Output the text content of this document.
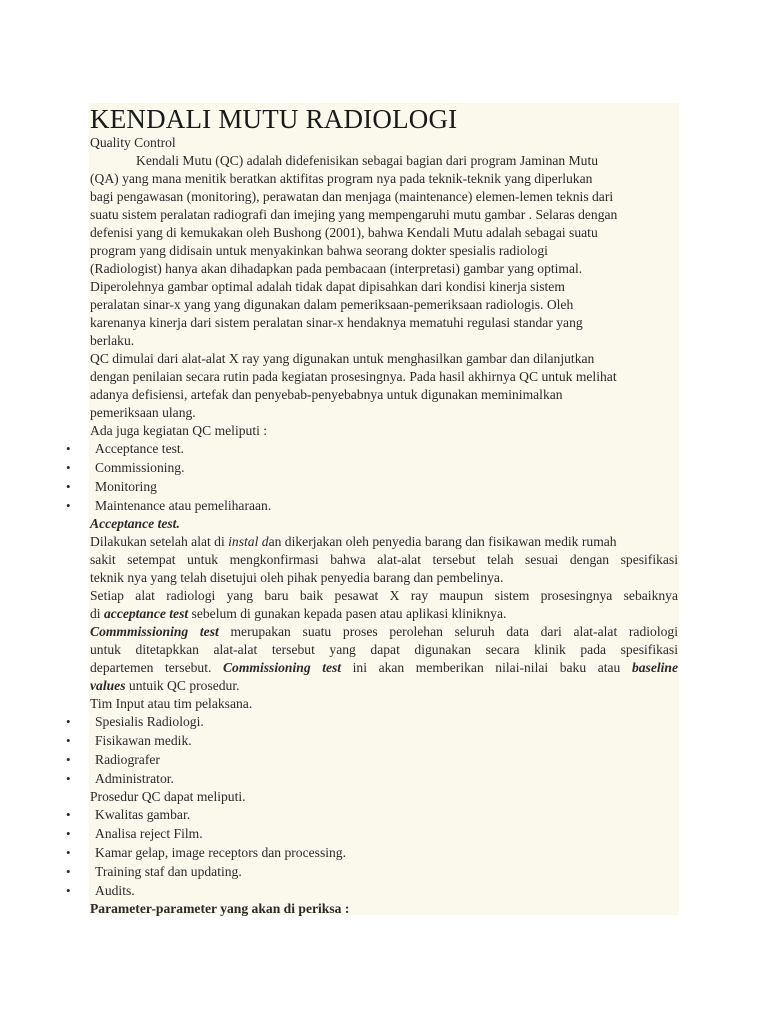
KENDALI MUTU RADIOLOGI
Quality Control
Kendali Mutu (QC) adalah didefenisikan sebagai bagian dari program Jaminan Mutu
(QA) yang mana menitik beratkan aktifitas program nya pada teknik-teknik yang diperlukan
bagi pengawasan (monitoring), perawatan dan menjaga (maintenance) elemen-lemen teknis dari
suatu sistem peralatan radiografi dan imejing yang mempengaruhi mutu gambar . Selaras dengan
defenisi yang di kemukakan oleh Bushong (2001), bahwa Kendali Mutu adalah sebagai suatu
program yang didisain untuk menyakinkan bahwa seorang dokter spesialis radiologi
(Radiologist) hanya akan dihadapkan pada pembacaan (interpretasi) gambar yang optimal.
Diperolehnya gambar optimal adalah tidak dapat dipisahkan dari kondisi kinerja sistem
peralatan sinar-x yang yang digunakan dalam pemeriksaan-pemeriksaan radiologis. Oleh
karenanya kinerja dari sistem peralatan sinar-x hendaknya mematuhi regulasi standar yang
berlaku.
QC dimulai dari alat-alat X ray yang digunakan untuk menghasilkan gambar dan dilanjutkan
dengan penilaian secara rutin pada kegiatan prosesingnya. Pada hasil akhirnya QC untuk melihat
adanya defisiensi, artefak dan penyebab-penyebabnya untuk digunakan meminimalkan
pemeriksaan ulang.
Ada juga kegiatan QC meliputi :
• Acceptance test.
• Commissioning.
• Monitoring
• Maintenance atau pemeliharaan.
Acceptance test.
Dilakukan setelah alat di instal dan dikerjakan oleh penyedia barang dan fisikawan medik rumah
sakit setempat untuk mengkonfirmasi bahwa alat-alat tersebut telah sesuai dengan spesifikasi
teknik nya yang telah disetujui oleh pihak penyedia barang dan pembelinya.
Setiap alat radiologi yang baru baik pesawat X ray maupun sistem prosesingnya sebaiknya
di acceptance test sebelum di gunakan kepada pasen atau aplikasi kliniknya.
Commmissioning test merupakan suatu proses perolehan seluruh data dari alat-alat radiologi
untuk ditetapkkan alat-alat tersebut yang dapat digunakan secara klinik pada spesifikasi
departemen tersebut. Commissioning test ini akan memberikan nilai-nilai baku atau baseline
values untuik QC prosedur.
Tim Input atau tim pelaksana.
• Spesialis Radiologi.
• Fisikawan medik.
• Radiografer
• Administrator.
Prosedur QC dapat meliputi.
• Kwalitas gambar.
• Analisa reject Film.
• Kamar gelap, image receptors dan processing.
• Training staf dan updating.
• Audits.
Parameter-parameter yang akan di periksa :
